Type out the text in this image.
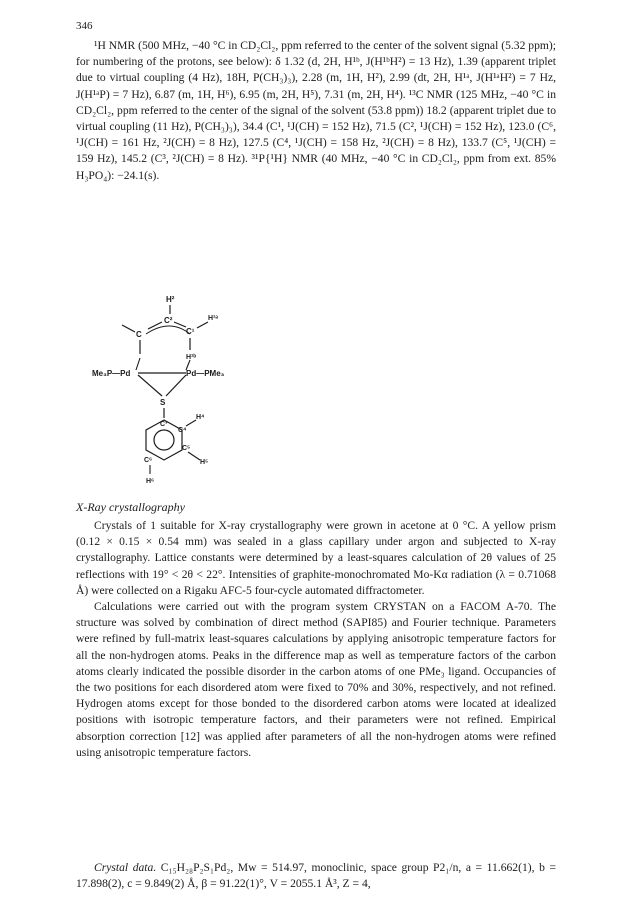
346

¹H NMR (500 MHz, −40 °C in CD₂Cl₂, ppm referred to the center of the solvent signal (5.32 ppm); for numbering of the protons, see below): δ 1.32 (d, 2H, H¹ᵇ, J(H¹ᵇH²) = 13 Hz), 1.39 (apparent triplet due to virtual coupling (4 Hz), 18H, P(CH₃)₃), 2.28 (m, 1H, H²), 2.99 (dt, 2H, H¹ᵃ, J(H¹ᵃH²) = 7 Hz, J(H¹ᵃP) = 7 Hz), 6.87 (m, 1H, H⁶), 6.95 (m, 2H, H⁵), 7.31 (m, 2H, H⁴). ¹³C NMR (125 MHz, −40 °C in CD₂Cl₂, ppm referred to the center of the signal of the solvent (53.8 ppm)) 18.2 (apparent triplet due to virtual coupling (11 Hz), P(CH₃)₃), 34.4 (C¹, ¹J(CH) = 152 Hz), 71.5 (C², ¹J(CH) = 152 Hz), 123.0 (C⁶, ¹J(CH) = 161 Hz, ²J(CH) = 8 Hz), 127.5 (C⁴, ¹J(CH) = 158 Hz, ²J(CH) = 8 Hz), 133.7 (C⁵, ¹J(CH) = 159 Hz), 145.2 (C³, ²J(CH) = 8 Hz). ³¹P{¹H} NMR (40 MHz, −40 °C in CD₂Cl₂, ppm from ext. 85% H₃PO₄): −24.1(s).

H²
C²
C	C¹
H¹ᵃ
H¹ᵇ
Me₃P—Pd	Pd—PMe₃
S
C³
C⁴
H⁴
C⁵
H⁵
C⁶
H⁶

X-Ray crystallography

Crystals of 1 suitable for X-ray crystallography were grown in acetone at 0 °C. A yellow prism (0.12 × 0.15 × 0.54 mm) was sealed in a glass capillary under argon and subjected to X-ray crystallography. Lattice constants were determined by a least-squares calculation of 2θ values of 25 reflections with 19° < 2θ < 22°. Intensities of graphite-monochromated Mo-Kα radiation (λ = 0.71068 Å) were collected on a Rigaku AFC-5 four-cycle automated diffractometer.

Calculations were carried out with the program system CRYSTAN on a FACOM A-70. The structure was solved by combination of direct method (SAPI85) and Fourier technique. Parameters were refined by full-matrix least-squares calculations by applying anisotropic temperature factors for all the non-hydrogen atoms. Peaks in the difference map as well as temperature factors of the carbon atoms clearly indicated the possible disorder in the carbon atoms of one PMe₃ ligand. Occupancies of the two positions for each disordered atom were fixed to 70% and 30%, respectively, and not refined. Hydrogen atoms except for those bonded to the disordered carbon atoms were located at idealized positions with isotropic temperature factors, and their parameters were not refined. Empirical absorption correction [12] was applied after parameters of all the non-hydrogen atoms were refined using anisotropic temperature factors.

Crystal data. C₁₅H₂₈P₂S₁Pd₂, Mw = 514.97, monoclinic, space group P2₁/n, a = 11.662(1), b = 17.898(2), c = 9.849(2) Å, β = 91.22(1)°, V = 2055.1 Å³, Z = 4,
